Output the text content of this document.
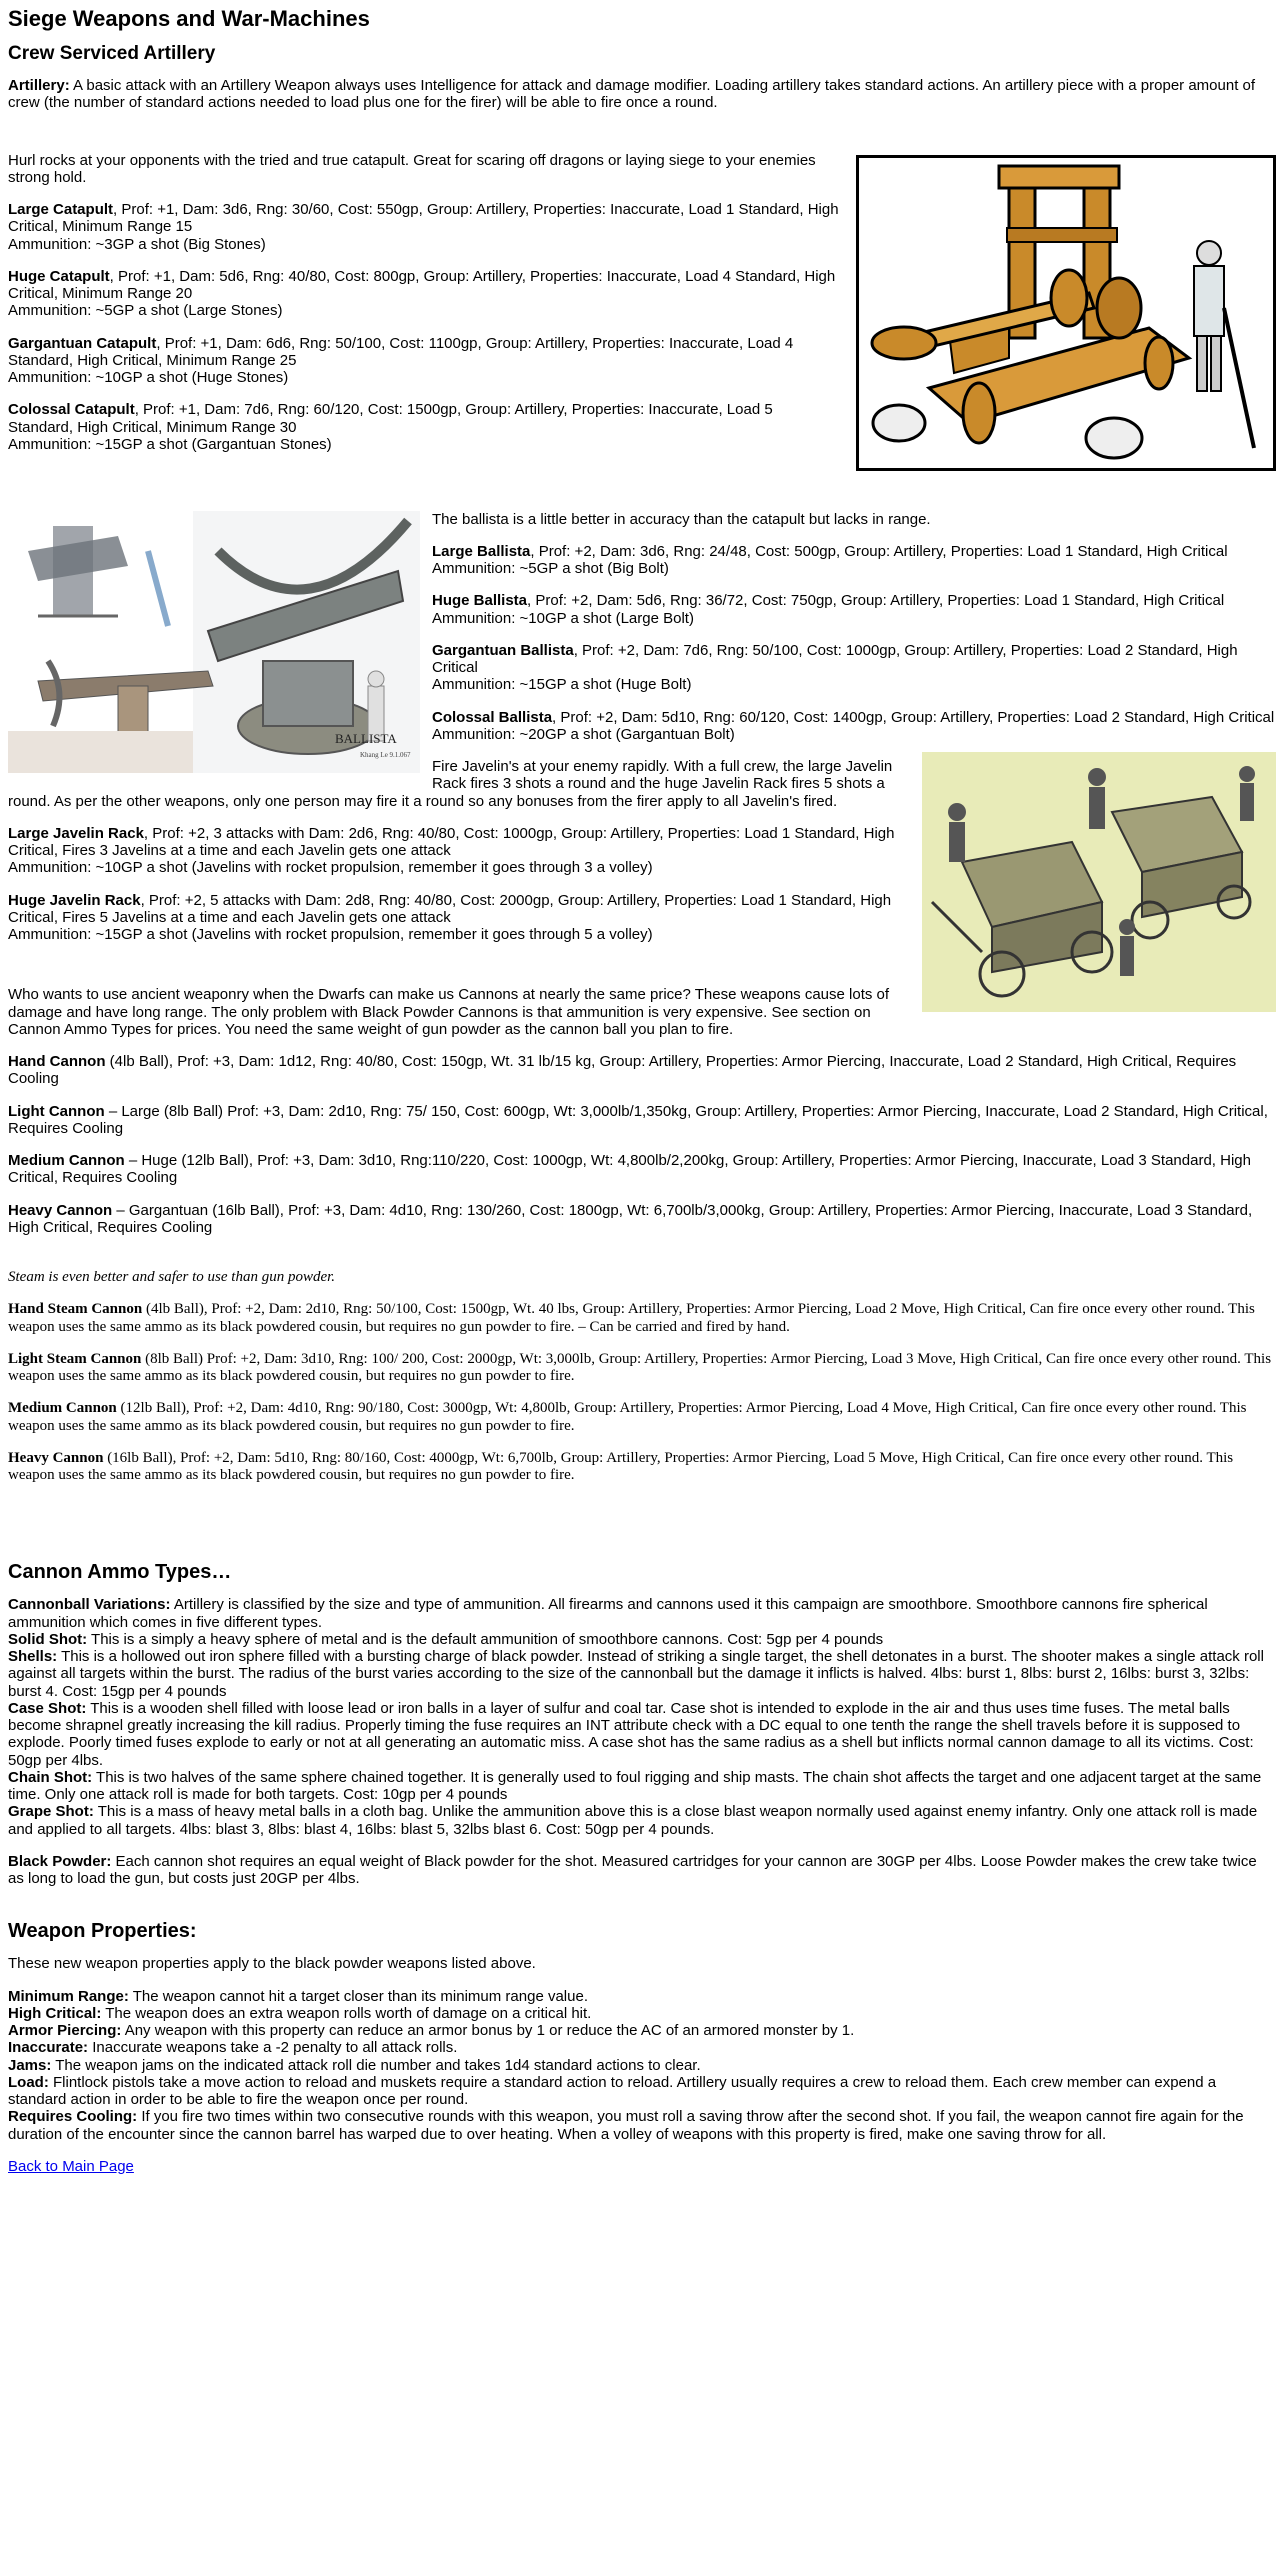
Siege Weapons and War-Machines
Crew Serviced Artillery

Artillery: A basic attack with an Artillery Weapon always uses Intelligence for attack and damage modifier. Loading artillery takes standard actions. An artillery piece with a proper amount of crew (the number of standard actions needed to load plus one for the firer) will be able to fire once a round.

Hurl rocks at your opponents with the tried and true catapult. Great for scaring off dragons or laying siege to your enemies strong hold.

Large Catapult, Prof: +1, Dam: 3d6, Rng: 30/60, Cost: 550gp, Group: Artillery, Properties: Inaccurate, Load 1 Standard, High Critical, Minimum Range 15
Ammunition: ~3GP a shot (Big Stones)

Huge Catapult, Prof: +1, Dam: 5d6, Rng: 40/80, Cost: 800gp, Group: Artillery, Properties: Inaccurate, Load 4 Standard, High Critical, Minimum Range 20
Ammunition: ~5GP a shot (Large Stones)

Gargantuan Catapult, Prof: +1, Dam: 6d6, Rng: 50/100, Cost: 1100gp, Group: Artillery, Properties: Inaccurate, Load 4 Standard, High Critical, Minimum Range 25
Ammunition: ~10GP a shot (Huge Stones)

Colossal Catapult, Prof: +1, Dam: 7d6, Rng: 60/120, Cost: 1500gp, Group: Artillery, Properties: Inaccurate, Load 5 Standard, High Critical, Minimum Range 30
Ammunition: ~15GP a shot (Gargantuan Stones)

BALLISTA
Khang Le 9.1.067

The ballista is a little better in accuracy than the catapult but lacks in range.

Large Ballista, Prof: +2, Dam: 3d6, Rng: 24/48, Cost: 500gp, Group: Artillery, Properties: Load 1 Standard, High Critical
Ammunition: ~5GP a shot (Big Bolt)

Huge Ballista, Prof: +2, Dam: 5d6, Rng: 36/72, Cost: 750gp, Group: Artillery, Properties: Load 1 Standard, High Critical
Ammunition: ~10GP a shot (Large Bolt)

Gargantuan Ballista, Prof: +2, Dam: 7d6, Rng: 50/100, Cost: 1000gp, Group: Artillery, Properties: Load 2 Standard, High Critical
Ammunition: ~15GP a shot (Huge Bolt)

Colossal Ballista, Prof: +2, Dam: 5d10, Rng: 60/120, Cost: 1400gp, Group: Artillery, Properties: Load 2 Standard, High Critical
Ammunition: ~20GP a shot (Gargantuan Bolt)

Fire Javelin's at your enemy rapidly. With a full crew, the large Javelin Rack fires 3 shots a round and the huge Javelin Rack fires 5 shots a round. As per the other weapons, only one person may fire it a round so any bonuses from the firer apply to all Javelin's fired.

Large Javelin Rack, Prof: +2, 3 attacks with Dam: 2d6, Rng: 40/80, Cost: 1000gp, Group: Artillery, Properties: Load 1 Standard, High Critical, Fires 3 Javelins at a time and each Javelin gets one attack
Ammunition: ~10GP a shot (Javelins with rocket propulsion, remember it goes through 3 a volley)

Huge Javelin Rack, Prof: +2, 5 attacks with Dam: 2d8, Rng: 40/80, Cost: 2000gp, Group: Artillery, Properties: Load 1 Standard, High Critical, Fires 5 Javelins at a time and each Javelin gets one attack
Ammunition: ~15GP a shot (Javelins with rocket propulsion, remember it goes through 5 a volley)

Who wants to use ancient weaponry when the Dwarfs can make us Cannons at nearly the same price? These weapons cause lots of damage and have long range. The only problem with Black Powder Cannons is that ammunition is very expensive. See section on Cannon Ammo Types for prices. You need the same weight of gun powder as the cannon ball you plan to fire.

Hand Cannon (4lb Ball), Prof: +3, Dam: 1d12, Rng: 40/80, Cost: 150gp, Wt. 31 lb/15 kg, Group: Artillery, Properties: Armor Piercing, Inaccurate, Load 2 Standard, High Critical, Requires Cooling

Light Cannon – Large (8lb Ball) Prof: +3, Dam: 2d10, Rng: 75/ 150, Cost: 600gp, Wt: 3,000lb/1,350kg, Group: Artillery, Properties: Armor Piercing, Inaccurate, Load 2 Standard, High Critical, Requires Cooling

Medium Cannon – Huge (12lb Ball), Prof: +3, Dam: 3d10, Rng:110/220, Cost: 1000gp, Wt: 4,800lb/2,200kg, Group: Artillery, Properties: Armor Piercing, Inaccurate, Load 3 Standard, High Critical, Requires Cooling

Heavy Cannon – Gargantuan (16lb Ball), Prof: +3, Dam: 4d10, Rng: 130/260, Cost: 1800gp, Wt: 6,700lb/3,000kg, Group: Artillery, Properties: Armor Piercing, Inaccurate, Load 3 Standard, High Critical, Requires Cooling

Steam is even better and safer to use than gun powder.

Hand Steam Cannon (4lb Ball), Prof: +2, Dam: 2d10, Rng: 50/100, Cost: 1500gp, Wt. 40 lbs, Group: Artillery, Properties: Armor Piercing, Load 2 Move, High Critical, Can fire once every other round. This weapon uses the same ammo as its black powdered cousin, but requires no gun powder to fire. – Can be carried and fired by hand.

Light Steam Cannon (8lb Ball) Prof: +2, Dam: 3d10, Rng: 100/ 200, Cost: 2000gp, Wt: 3,000lb, Group: Artillery, Properties: Armor Piercing, Load 3 Move, High Critical, Can fire once every other round. This weapon uses the same ammo as its black powdered cousin, but requires no gun powder to fire.

Medium Cannon (12lb Ball), Prof: +2, Dam: 4d10, Rng: 90/180, Cost: 3000gp, Wt: 4,800lb, Group: Artillery, Properties: Armor Piercing, Load 4 Move, High Critical, Can fire once every other round. This weapon uses the same ammo as its black powdered cousin, but requires no gun powder to fire.

Heavy Cannon (16lb Ball), Prof: +2, Dam: 5d10, Rng: 80/160, Cost: 4000gp, Wt: 6,700lb, Group: Artillery, Properties: Armor Piercing, Load 5 Move, High Critical, Can fire once every other round. This weapon uses the same ammo as its black powdered cousin, but requires no gun powder to fire.

Cannon Ammo Types…
Cannonball Variations: Artillery is classified by the size and type of ammunition. All firearms and cannons used it this campaign are smoothbore. Smoothbore cannons fire spherical ammunition which comes in five different types.
Solid Shot: This is a simply a heavy sphere of metal and is the default ammunition of smoothbore cannons. Cost: 5gp per 4 pounds
Shells: This is a hollowed out iron sphere filled with a bursting charge of black powder. Instead of striking a single target, the shell detonates in a burst. The shooter makes a single attack roll against all targets within the burst. The radius of the burst varies according to the size of the cannonball but the damage it inflicts is halved. 4lbs: burst 1, 8lbs: burst 2, 16lbs: burst 3, 32lbs: burst 4. Cost: 15gp per 4 pounds
Case Shot: This is a wooden shell filled with loose lead or iron balls in a layer of sulfur and coal tar. Case shot is intended to explode in the air and thus uses time fuses. The metal balls become shrapnel greatly increasing the kill radius. Properly timing the fuse requires an INT attribute check with a DC equal to one tenth the range the shell travels before it is supposed to explode. Poorly timed fuses explode to early or not at all generating an automatic miss. A case shot has the same radius as a shell but inflicts normal cannon damage to all its victims. Cost: 50gp per 4lbs.
Chain Shot: This is two halves of the same sphere chained together. It is generally used to foul rigging and ship masts. The chain shot affects the target and one adjacent target at the same time. Only one attack roll is made for both targets. Cost: 10gp per 4 pounds
Grape Shot: This is a mass of heavy metal balls in a cloth bag. Unlike the ammunition above this is a close blast weapon normally used against enemy infantry. Only one attack roll is made and applied to all targets. 4lbs: blast 3, 8lbs: blast 4, 16lbs: blast 5, 32lbs blast 6. Cost: 50gp per 4 pounds.

Black Powder: Each cannon shot requires an equal weight of Black powder for the shot. Measured cartridges for your cannon are 30GP per 4lbs. Loose Powder makes the crew take twice as long to load the gun, but costs just 20GP per 4lbs.

Weapon Properties:

These new weapon properties apply to the black powder weapons listed above.

Minimum Range: The weapon cannot hit a target closer than its minimum range value.
High Critical: The weapon does an extra weapon rolls worth of damage on a critical hit.
Armor Piercing: Any weapon with this property can reduce an armor bonus by 1 or reduce the AC of an armored monster by 1.
Inaccurate: Inaccurate weapons take a -2 penalty to all attack rolls.
Jams: The weapon jams on the indicated attack roll die number and takes 1d4 standard actions to clear.
Load: Flintlock pistols take a move action to reload and muskets require a standard action to reload. Artillery usually requires a crew to reload them. Each crew member can expend a standard action in order to be able to fire the weapon once per round.
Requires Cooling: If you fire two times within two consecutive rounds with this weapon, you must roll a saving throw after the second shot. If you fail, the weapon cannot fire again for the duration of the encounter since the cannon barrel has warped due to over heating. When a volley of weapons with this property is fired, make one saving throw for all.

Back to Main Page
